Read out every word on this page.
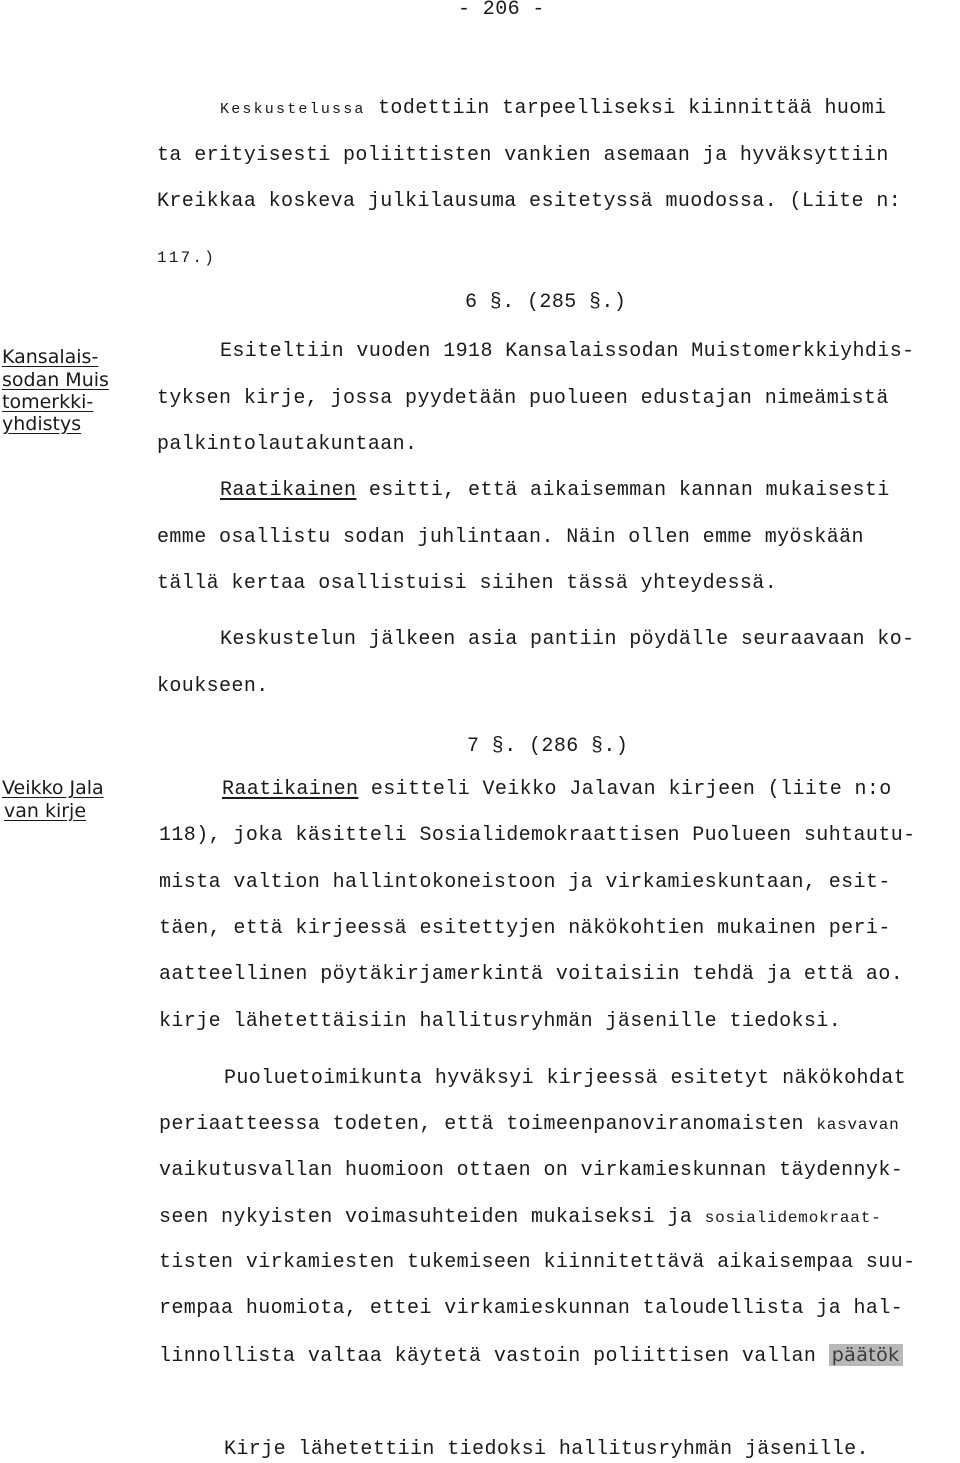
- 206 -
Keskustelussa todettiin tarpeelliseksi kiinnittää huomi
ta erityisesti poliittisten vankien asemaan ja hyväksyttiin
Kreikkaa koskeva julkilausuma esitetyssä muodossa. (Liite n:
117.)
6 §. (285 §.)
Kansalais-
sodan Muis
tomerkki-
yhdistys
Esiteltiin vuoden 1918 Kansalaissodan Muistomerkkiyhdis-
tyksen kirje, jossa pyydetään puolueen edustajan nimeämistä
palkintolautakuntaan.
Raatikainen esitti, että aikaisemman kannan mukaisesti
emme osallistu sodan juhlintaan. Näin ollen emme myöskään
tällä kertaa osallistuisi siihen tässä yhteydessä.
Keskustelun jälkeen asia pantiin pöydälle seuraavaan ko-
koukseen.
7 §. (286 §.)
Veikko Jala
van kirje
Raatikainen esitteli Veikko Jalavan kirjeen (liite n:o
118), joka käsitteli Sosialidemokraattisen Puolueen suhtautu-
mista valtion hallintokoneistoon ja virkamieskuntaan, esit-
täen, että kirjeessä esitettyjen näkökohtien mukainen peri-
aatteellinen pöytäkirjamerkintä voitaisiin tehdä ja että ao.
kirje lähetettäisiin hallitusryhmän jäsenille tiedoksi.
Puoluetoimikunta hyväksyi kirjeessä esitetyt näkökohdat
periaatteessa todeten, että toimeenpanoviranomaisten kasvavan
vaikutusvallan huomioon ottaen on virkamieskunnan täydennyk-
seen nykyisten voimasuhteiden mukaiseksi ja sosialidemokraat-
tisten virkamiesten tukemiseen kiinnitettävä aikaisempaa suu-
rempaa huomiota, ettei virkamieskunnan taloudellista ja hal-
linnollista valtaa käytetä vastoin poliittisen vallan päätök
Kirje lähetettiin tiedoksi hallitusryhmän jäsenille.
